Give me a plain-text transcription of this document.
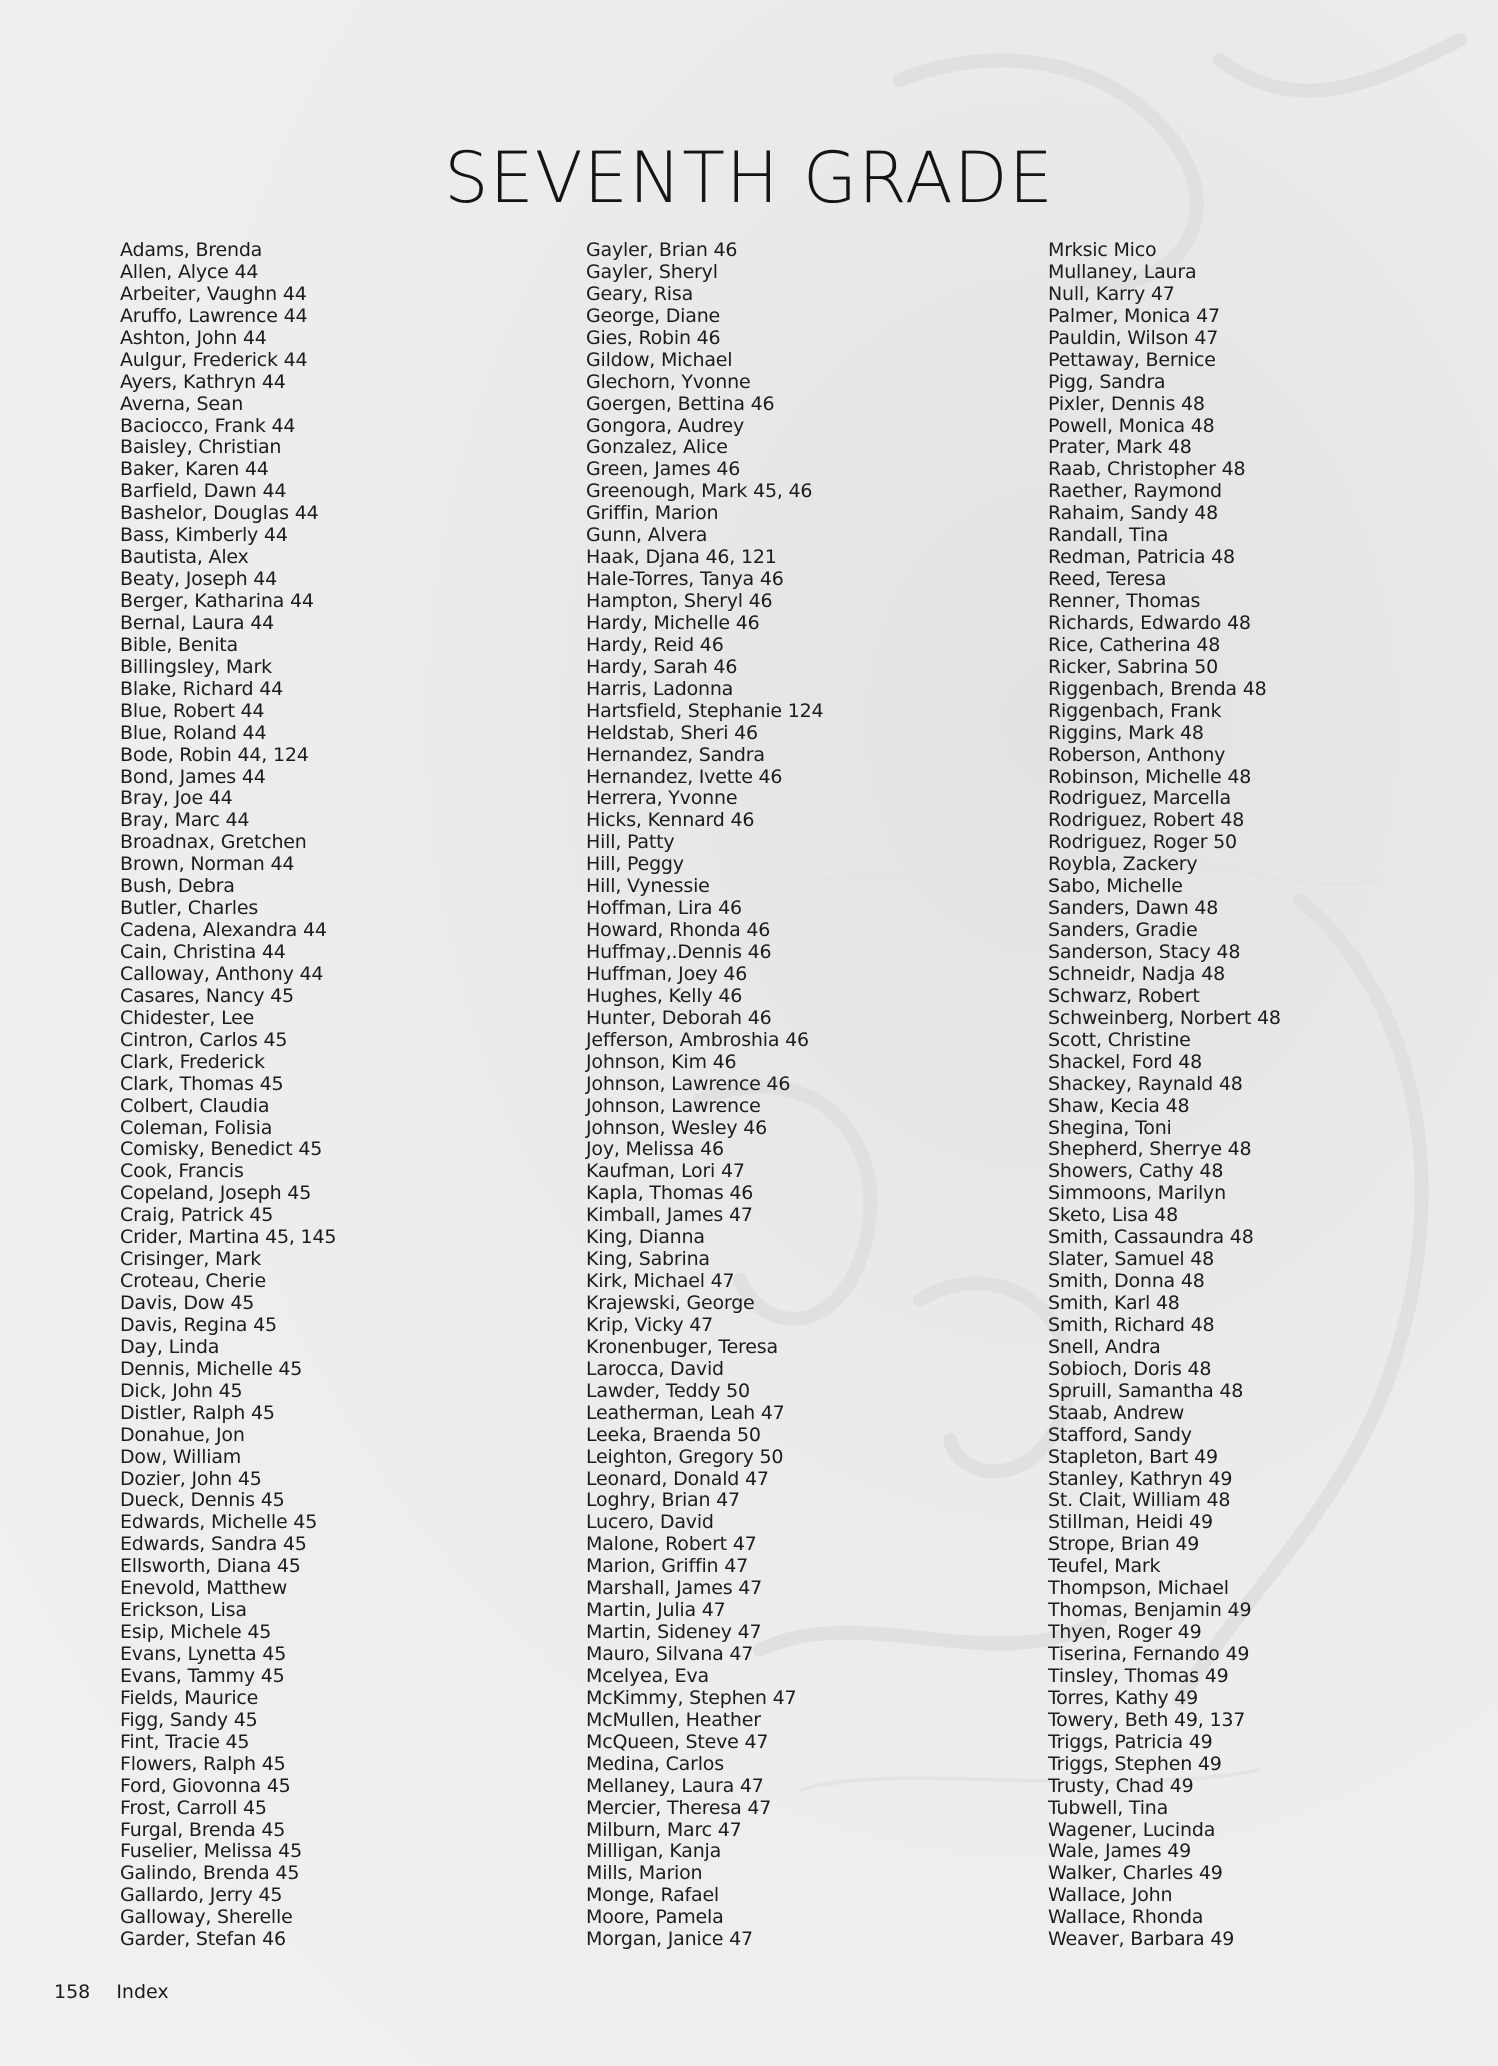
SEVENTH GRADE
Adams, Brenda
Allen, Alyce 44
Arbeiter, Vaughn 44
Aruffo, Lawrence 44
Ashton, John 44
Aulgur, Frederick 44
Ayers, Kathryn 44
Averna, Sean
Baciocco, Frank 44
Baisley, Christian
Baker, Karen 44
Barfield, Dawn 44
Bashelor, Douglas 44
Bass, Kimberly 44
Bautista, Alex
Beaty, Joseph 44
Berger, Katharina 44
Bernal, Laura 44
Bible, Benita
Billingsley, Mark
Blake, Richard 44
Blue, Robert 44
Blue, Roland 44
Bode, Robin 44, 124
Bond, James 44
Bray, Joe 44
Bray, Marc 44
Broadnax, Gretchen
Brown, Norman 44
Bush, Debra
Butler, Charles
Cadena, Alexandra 44
Cain, Christina 44
Calloway, Anthony 44
Casares, Nancy 45
Chidester, Lee
Cintron, Carlos 45
Clark, Frederick
Clark, Thomas 45
Colbert, Claudia
Coleman, Folisia
Comisky, Benedict 45
Cook, Francis
Copeland, Joseph 45
Craig, Patrick 45
Crider, Martina 45, 145
Crisinger, Mark
Croteau, Cherie
Davis, Dow 45
Davis, Regina 45
Day, Linda
Dennis, Michelle 45
Dick, John 45
Distler, Ralph 45
Donahue, Jon
Dow, William
Dozier, John 45
Dueck, Dennis 45
Edwards, Michelle 45
Edwards, Sandra 45
Ellsworth, Diana 45
Enevold, Matthew
Erickson, Lisa
Esip, Michele 45
Evans, Lynetta 45
Evans, Tammy 45
Fields, Maurice
Figg, Sandy 45
Fint, Tracie 45
Flowers, Ralph 45
Ford, Giovonna 45
Frost, Carroll 45
Furgal, Brenda 45
Fuselier, Melissa 45
Galindo, Brenda 45
Gallardo, Jerry 45
Galloway, Sherelle
Garder, Stefan 46
Gayler, Brian 46
Gayler, Sheryl
Geary, Risa
George, Diane
Gies, Robin 46
Gildow, Michael
Glechorn, Yvonne
Goergen, Bettina 46
Gongora, Audrey
Gonzalez, Alice
Green, James 46
Greenough, Mark 45, 46
Griffin, Marion
Gunn, Alvera
Haak, Djana 46, 121
Hale-Torres, Tanya 46
Hampton, Sheryl 46
Hardy, Michelle 46
Hardy, Reid 46
Hardy, Sarah 46
Harris, Ladonna
Hartsfield, Stephanie 124
Heldstab, Sheri 46
Hernandez, Sandra
Hernandez, Ivette 46
Herrera, Yvonne
Hicks, Kennard 46
Hill, Patty
Hill, Peggy
Hill, Vynessie
Hoffman, Lira 46
Howard, Rhonda 46
Huffmay,.Dennis 46
Huffman, Joey 46
Hughes, Kelly 46
Hunter, Deborah 46
Jefferson, Ambroshia 46
Johnson, Kim 46
Johnson, Lawrence 46
Johnson, Lawrence
Johnson, Wesley 46
Joy, Melissa 46
Kaufman, Lori 47
Kapla, Thomas 46
Kimball, James 47
King, Dianna
King, Sabrina
Kirk, Michael 47
Krajewski, George
Krip, Vicky 47
Kronenbuger, Teresa
Larocca, David
Lawder, Teddy 50
Leatherman, Leah 47
Leeka, Braenda 50
Leighton, Gregory 50
Leonard, Donald 47
Loghry, Brian 47
Lucero, David
Malone, Robert 47
Marion, Griffin 47
Marshall, James 47
Martin, Julia 47
Martin, Sideney 47
Mauro, Silvana 47
Mcelyea, Eva
McKimmy, Stephen 47
McMullen, Heather
McQueen, Steve 47
Medina, Carlos
Mellaney, Laura 47
Mercier, Theresa 47
Milburn, Marc 47
Milligan, Kanja
Mills, Marion
Monge, Rafael
Moore, Pamela
Morgan, Janice 47
Mrksic Mico
Mullaney, Laura
Null, Karry 47
Palmer, Monica 47
Pauldin, Wilson 47
Pettaway, Bernice
Pigg, Sandra
Pixler, Dennis 48
Powell, Monica 48
Prater, Mark 48
Raab, Christopher 48
Raether, Raymond
Rahaim, Sandy 48
Randall, Tina
Redman, Patricia 48
Reed, Teresa
Renner, Thomas
Richards, Edwardo 48
Rice, Catherina 48
Ricker, Sabrina 50
Riggenbach, Brenda 48
Riggenbach, Frank
Riggins, Mark 48
Roberson, Anthony
Robinson, Michelle 48
Rodriguez, Marcella
Rodriguez, Robert 48
Rodriguez, Roger 50
Roybla, Zackery
Sabo, Michelle
Sanders, Dawn 48
Sanders, Gradie
Sanderson, Stacy 48
Schneidr, Nadja 48
Schwarz, Robert
Schweinberg, Norbert 48
Scott, Christine
Shackel, Ford 48
Shackey, Raynald 48
Shaw, Kecia 48
Shegina, Toni
Shepherd, Sherrye 48
Showers, Cathy 48
Simmoons, Marilyn
Sketo, Lisa 48
Smith, Cassaundra 48
Slater, Samuel 48
Smith, Donna 48
Smith, Karl 48
Smith, Richard 48
Snell, Andra
Sobioch, Doris 48
Spruill, Samantha 48
Staab, Andrew
Stafford, Sandy
Stapleton, Bart 49
Stanley, Kathryn 49
St. Clait, William 48
Stillman, Heidi 49
Strope, Brian 49
Teufel, Mark
Thompson, Michael
Thomas, Benjamin 49
Thyen, Roger 49
Tiserina, Fernando 49
Tinsley, Thomas 49
Torres, Kathy 49
Towery, Beth 49, 137
Triggs, Patricia 49
Triggs, Stephen 49
Trusty, Chad 49
Tubwell, Tina
Wagener, Lucinda
Wale, James 49
Walker, Charles 49
Wallace, John
Wallace, Rhonda
Weaver, Barbara 49
158 Index
